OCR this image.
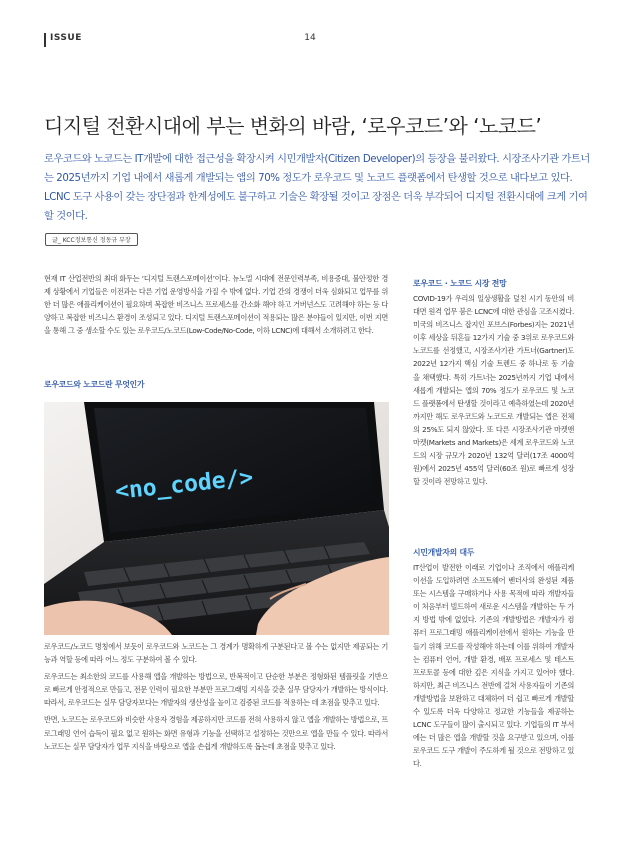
ISSUE	14
디지털 전환시대에 부는 변화의 바람, ‘로우코드’와 ‘노코드’
로우코드와 노코드는 IT개발에 대한 접근성을 확장시켜 시민개발자(Citizen Developer)의 등장을 불러왔다. 시장조사기관 가트너는 2025년까지 기업 내에서 새롭게 개발되는 앱의 70% 정도가 로우코드 및 노코드 플랫폼에서 탄생할 것으로 내다보고 있다. LCNC 도구 사용이 갖는 장단점과 한계성에도 불구하고 기술은 확장될 것이고 장점은 더욱 부각되어 디지털 전환시대에 크게 기여할 것이다.
글_ KCC정보통신 정동규 부장

현재 IT 산업전반의 최대 화두는 ‘디지털 트랜스포메이션’이다. 뉴노멀 시대에 전문인력부족, 비용증대, 불안정한 경제 상황에서 기업들은 이전과는 다른 기업 운영방식을 가질 수 밖에 없다. 기업 간의 경쟁이 더욱 심화되고 업무를 위한 더 많은 애플리케이션이 필요하며 복잡한 비즈니스 프로세스를 간소화 해야 하고 거버넌스도 고려해야 하는 등 다양하고 복잡한 비즈니스 환경이 조성되고 있다. 디지털 트랜스포메이션이 적용되는 많은 분야들이 있지만, 이번 지면을 통해 그 중 생소할 수도 있는 로우코드/노코드(Low-Code/No-Code, 이하 LCNC)에 대해서 소개하려고 한다.

로우코드와 노코드란 무엇인가
<no_code/>

로우코드/노코드 명칭에서 보듯이 로우코드와 노코드는 그 경계가 명확하게 구분된다고 볼 수는 없지만 제공되는 기능과 역할 등에 따라 어느 정도 구분하여 볼 수 있다.

로우코드는 최소한의 코드를 사용해 앱을 개발하는 방법으로, 반복적이고 단순한 부분은 정형화된 템플릿을 기반으로 빠르게 안정적으로 만들고, 전문 인력이 필요한 부분만 프로그래밍 지식을 갖춘 실무 담당자가 개발하는 방식이다. 따라서, 로우코드는 실무 담당자보다는 개발자의 생산성을 높이고 검증된 코드를 적용하는 데 초점을 맞추고 있다.

반면, 노코드는 로우코드와 비슷한 사용자 경험을 제공하지만 코드를 전혀 사용하지 않고 앱을 개발하는 방법으로, 프로그래밍 언어 습득이 필요 없고 원하는 화면 유형과 기능을 선택하고 설정하는 것만으로 앱을 만들 수 있다. 따라서 노코드는 실무 담당자가 업무 지식을 바탕으로 앱을 손쉽게 개발하도록 돕는데 초점을 맞추고 있다.

로우코드 · 노코드 시장 전망

COVID-19가 우리의 일상생활을 덮친 시기 동안의 비대면 원격 업무 붐은 LCNC에 대한 관심을 고조시켰다. 미국의 비즈니스 잡지인 포브스(Forbes)지는 2021년 이후 세상을 뒤흔들 12가지 기술 중 3위로 로우코드와 노코드를 선정했고, 시장조사기관 가트너(Gartner)도 2022년 12가지 핵심 기술 트렌드 중 하나로 동 기술을 채택했다. 특히 가트너는 2025년까지 기업 내에서 새롭게 개발되는 앱의 70% 정도가 로우코드 및 노코드 플랫폼에서 탄생할 것이라고 예측하였는데 2020년까지만 해도 로우코드와 노코드로 개발되는 앱은 전체의 25%도 되지 않았다. 또 다른 시장조사기관 마켓앤마켓(Markets and Markets)은 세계 로우코드와 노코드의 시장 규모가 2020년 132억 달러(17조 4000억 원)에서 2025년 455억 달러(60조 원)로 빠르게 성장할 것이라 전망하고 있다.

시민개발자의 대두

IT산업이 발전한 이래로 기업이나 조직에서 애플리케이션을 도입하려면 소프트웨어 벤더사의 완성된 제품 또는 시스템을 구매하거나 사용 목적에 따라 개발자들이 처음부터 빌드하여 새로운 시스템을 개발하는 두 가지 방법 밖에 없었다. 기존의 개발방법은 개발자가 컴퓨터 프로그래밍 애플리케이션에서 원하는 기능을 만들기 위해 코드를 작성해야 하는데 이를 위하여 개발자는 컴퓨터 언어, 개발 환경, 배포 프로세스 및 테스트 프로토콜 등에 대한 깊은 지식을 가지고 있어야 했다. 하지만, 최근 비즈니스 전반에 걸쳐 사용자들이 기존의 개발방법을 보완하고 대체하여 더 쉽고 빠르게 개발할 수 있도록 더욱 다양하고 정교한 기능들을 제공하는 LCNC 도구들이 많이 출시되고 있다. 기업들의 IT 부서에는 더 많은 앱을 개발할 것을 요구받고 있으며, 이를 로우코드 도구 개발이 주도하게 될 것으로 전망하고 있다.
